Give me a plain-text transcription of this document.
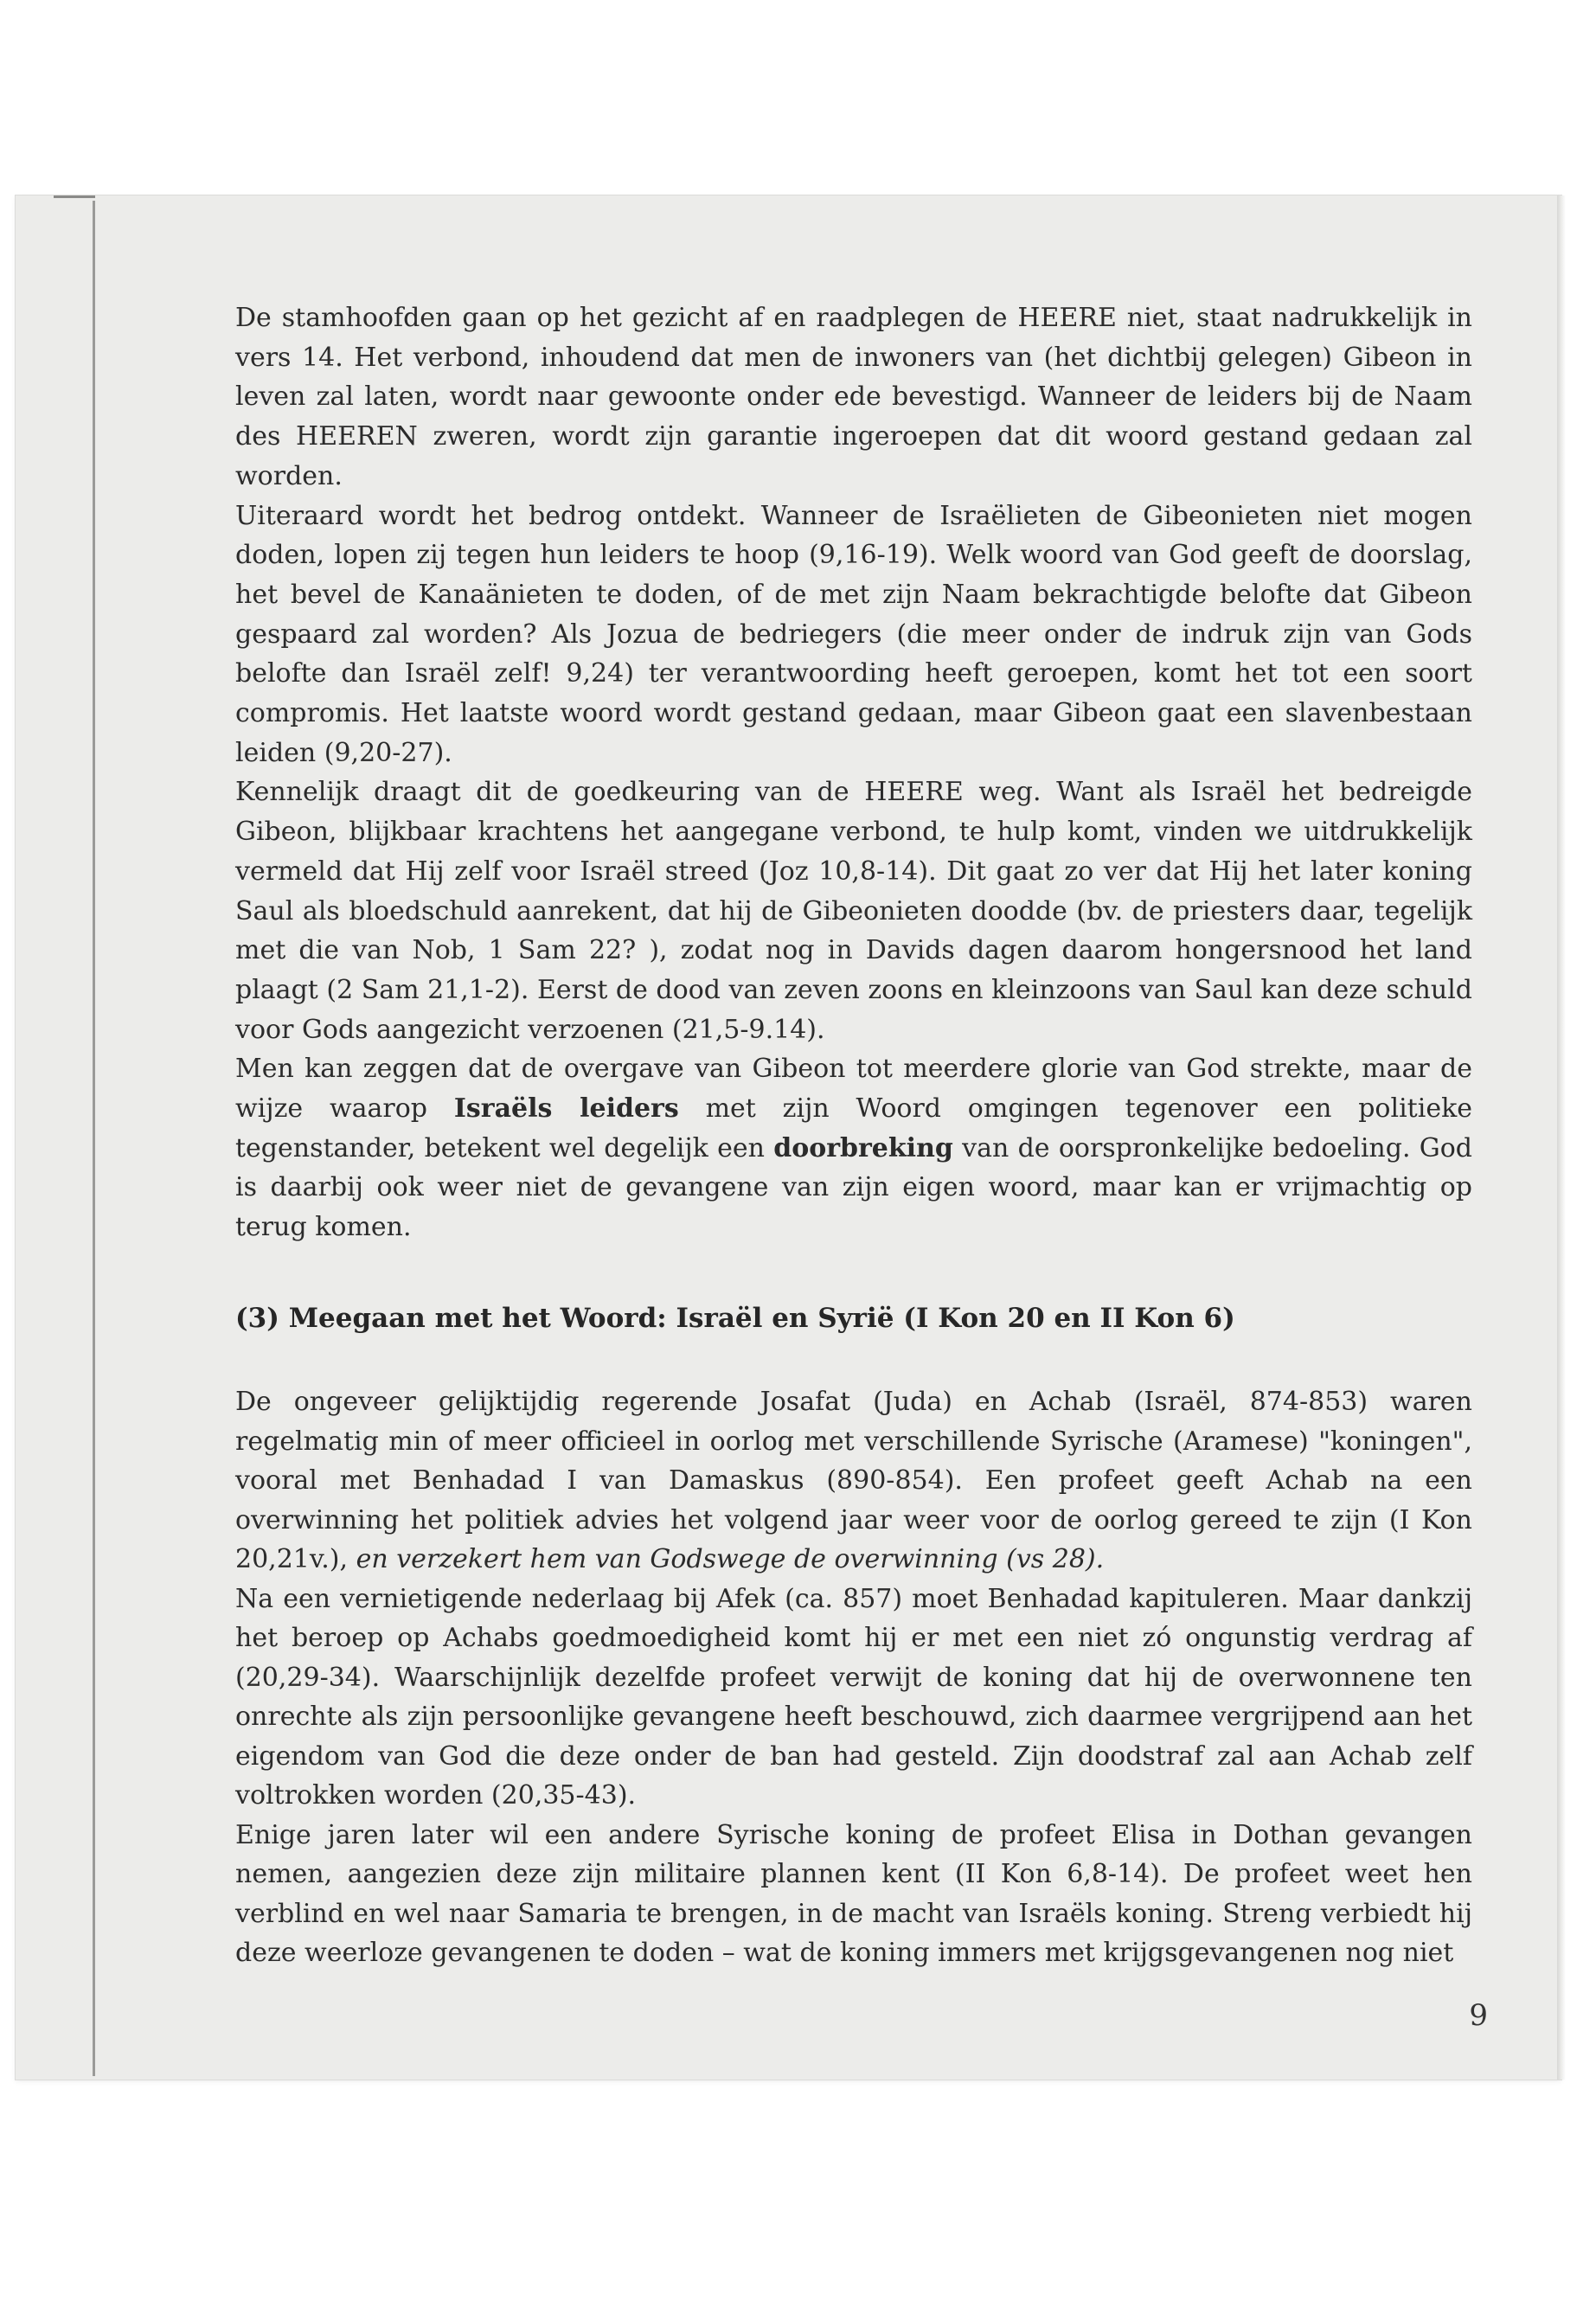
De stamhoofden gaan op het gezicht af en raadplegen de HEERE niet, staat nadrukkelijk in vers 14. Het verbond, inhoudend dat men de inwoners van (het dichtbij gelegen) Gibeon in leven zal laten, wordt naar gewoonte onder ede bevestigd. Wanneer de leiders bij de Naam des HEEREN zweren, wordt zijn garantie ingeroepen dat dit woord gestand gedaan zal worden.

Uiteraard wordt het bedrog ontdekt. Wanneer de Israëlieten de Gibeonieten niet mogen doden, lopen zij tegen hun leiders te hoop (9,16-19). Welk woord van God geeft de doorslag, het bevel de Kanaänieten te doden, of de met zijn Naam bekrachtigde belofte dat Gibeon gespaard zal worden? Als Jozua de bedriegers (die meer onder de indruk zijn van Gods belofte dan Israël zelf! 9,24) ter verantwoording heeft geroepen, komt het tot een soort compromis. Het laatste woord wordt gestand gedaan, maar Gibeon gaat een slavenbestaan leiden (9,20-27).

Kennelijk draagt dit de goedkeuring van de HEERE weg. Want als Israël het bedreigde Gibeon, blijkbaar krachtens het aangegane verbond, te hulp komt, vinden we uitdrukkelijk vermeld dat Hij zelf voor Israël streed (Joz 10,8-14). Dit gaat zo ver dat Hij het later koning Saul als bloedschuld aanrekent, dat hij de Gibeonieten doodde (bv. de priesters daar, tegelijk met die van Nob, 1 Sam 22? ), zodat nog in Davids dagen daarom hongersnood het land plaagt (2 Sam 21,1-2). Eerst de dood van zeven zoons en kleinzoons van Saul kan deze schuld voor Gods aangezicht verzoenen (21,5-9.14).

Men kan zeggen dat de overgave van Gibeon tot meerdere glorie van God strekte, maar de wijze waarop Israëls leiders met zijn Woord omgingen tegenover een politieke tegenstander, betekent wel degelijk een doorbreking van de oorspronkelijke bedoeling. God is daarbij ook weer niet de gevangene van zijn eigen woord, maar kan er vrijmachtig op terug komen.

(3) Meegaan met het Woord: Israël en Syrië (I Kon 20 en II Kon 6)

De ongeveer gelijktijdig regerende Josafat (Juda) en Achab (Israël, 874-853) waren regelmatig min of meer officieel in oorlog met verschillende Syrische (Aramese) "koningen", vooral met Benhadad I van Damaskus (890-854). Een profeet geeft Achab na een overwinning het politiek advies het volgend jaar weer voor de oorlog gereed te zijn (I Kon 20,21v.), en verzekert hem van Godswege de overwinning (vs 28).

Na een vernietigende nederlaag bij Afek (ca. 857) moet Benhadad kapituleren. Maar dankzij het beroep op Achabs goedmoedigheid komt hij er met een niet zó ongunstig verdrag af (20,29-34). Waarschijnlijk dezelfde profeet verwijt de koning dat hij de overwonnene ten onrechte als zijn persoonlijke gevangene heeft beschouwd, zich daarmee vergrijpend aan het eigendom van God die deze onder de ban had gesteld. Zijn doodstraf zal aan Achab zelf voltrokken worden (20,35-43).

Enige jaren later wil een andere Syrische koning de profeet Elisa in Dothan gevangen nemen, aangezien deze zijn militaire plannen kent (II Kon 6,8-14). De profeet weet hen verblind en wel naar Samaria te brengen, in de macht van Israëls koning. Streng verbiedt hij deze weerloze gevangenen te doden – wat de koning immers met krijgsgevangenen nog niet

9
